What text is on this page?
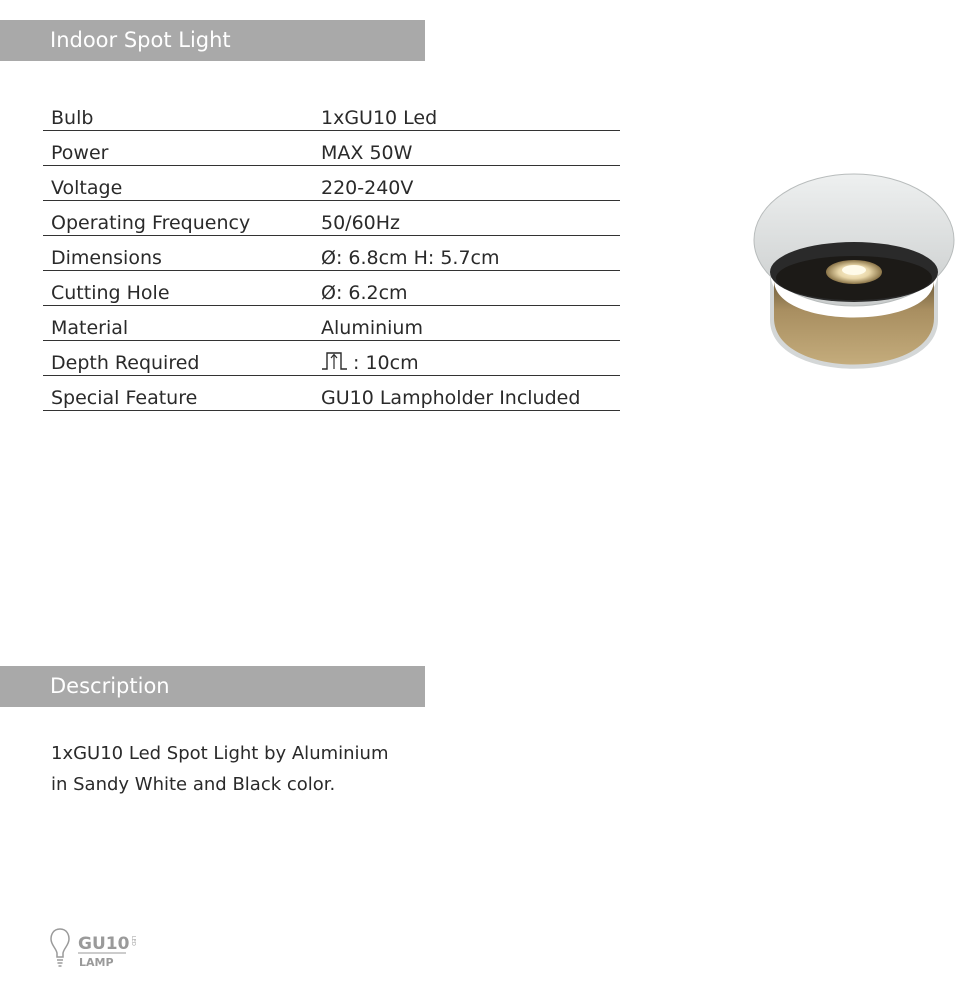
Indoor Spot Light
Bulb	1xGU10 Led
Power	MAX 50W
Voltage	220-240V
Operating Frequency	50/60Hz
Dimensions	Ø: 6.8cm H: 5.7cm
Cutting Hole	Ø: 6.2cm
Material	Aluminium
Depth Required	: 10cm
Special Feature	GU10 Lampholder Included
Description
1xGU10 Led Spot Light by Aluminium
in Sandy White and Black color.
GU10 LED
LAMP
